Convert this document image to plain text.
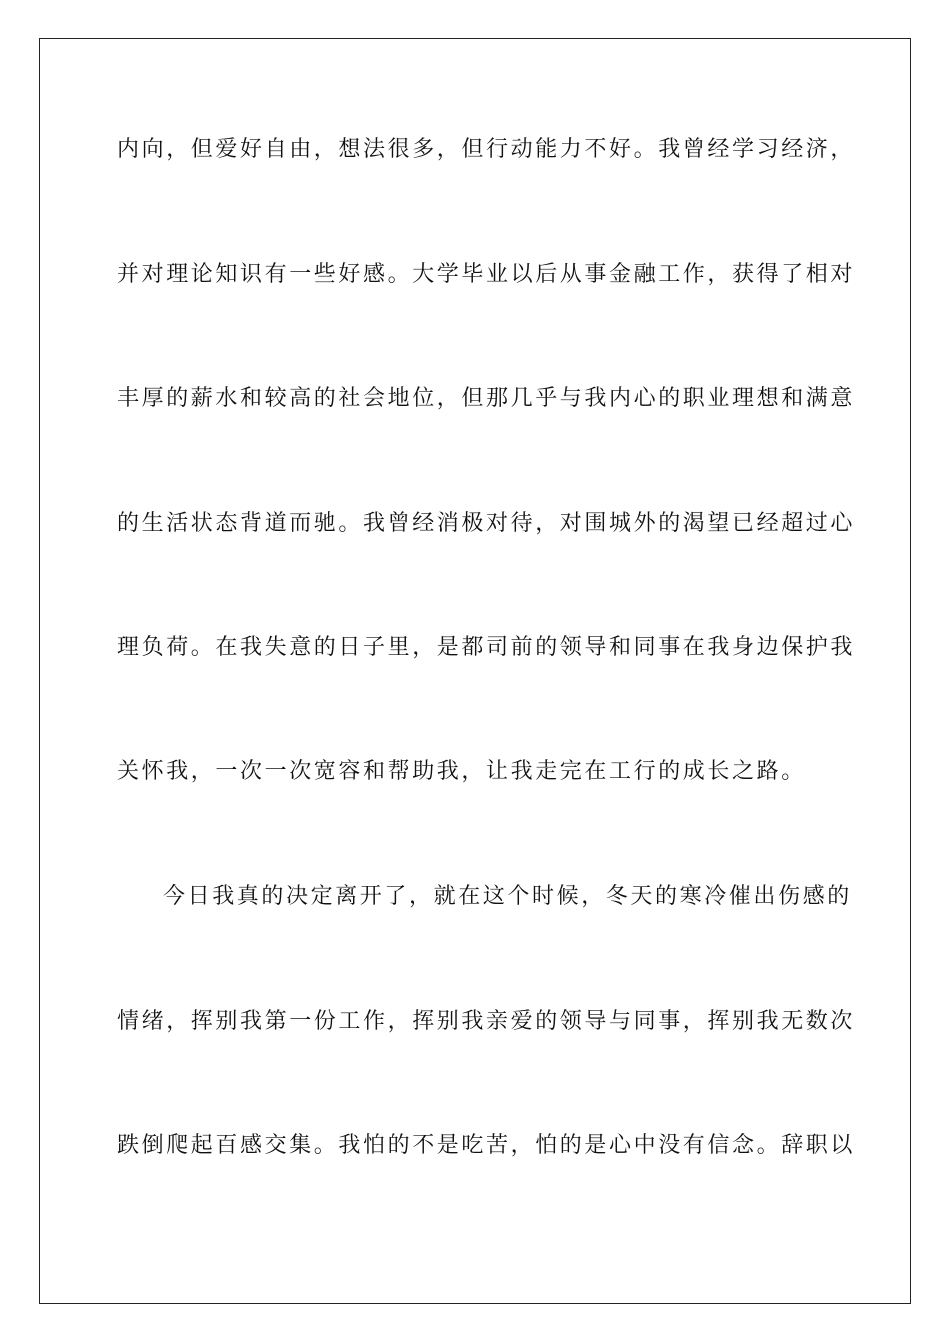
内向，但爱好自由，想法很多，但行动能力不好。我曾经学习经济，
并对理论知识有一些好感。大学毕业以后从事金融工作，获得了相对
丰厚的薪水和较高的社会地位，但那几乎与我内心的职业理想和满意
的生活状态背道而驰。我曾经消极对待，对围城外的渴望已经超过心
理负荷。在我失意的日子里，是都司前的领导和同事在我身边保护我
关怀我，一次一次宽容和帮助我，让我走完在工行的成长之路。
今日我真的决定离开了，就在这个时候，冬天的寒冷催出伤感的
情绪，挥别我第一份工作，挥别我亲爱的领导与同事，挥别我无数次
跌倒爬起百感交集。我怕的不是吃苦，怕的是心中没有信念。辞职以
